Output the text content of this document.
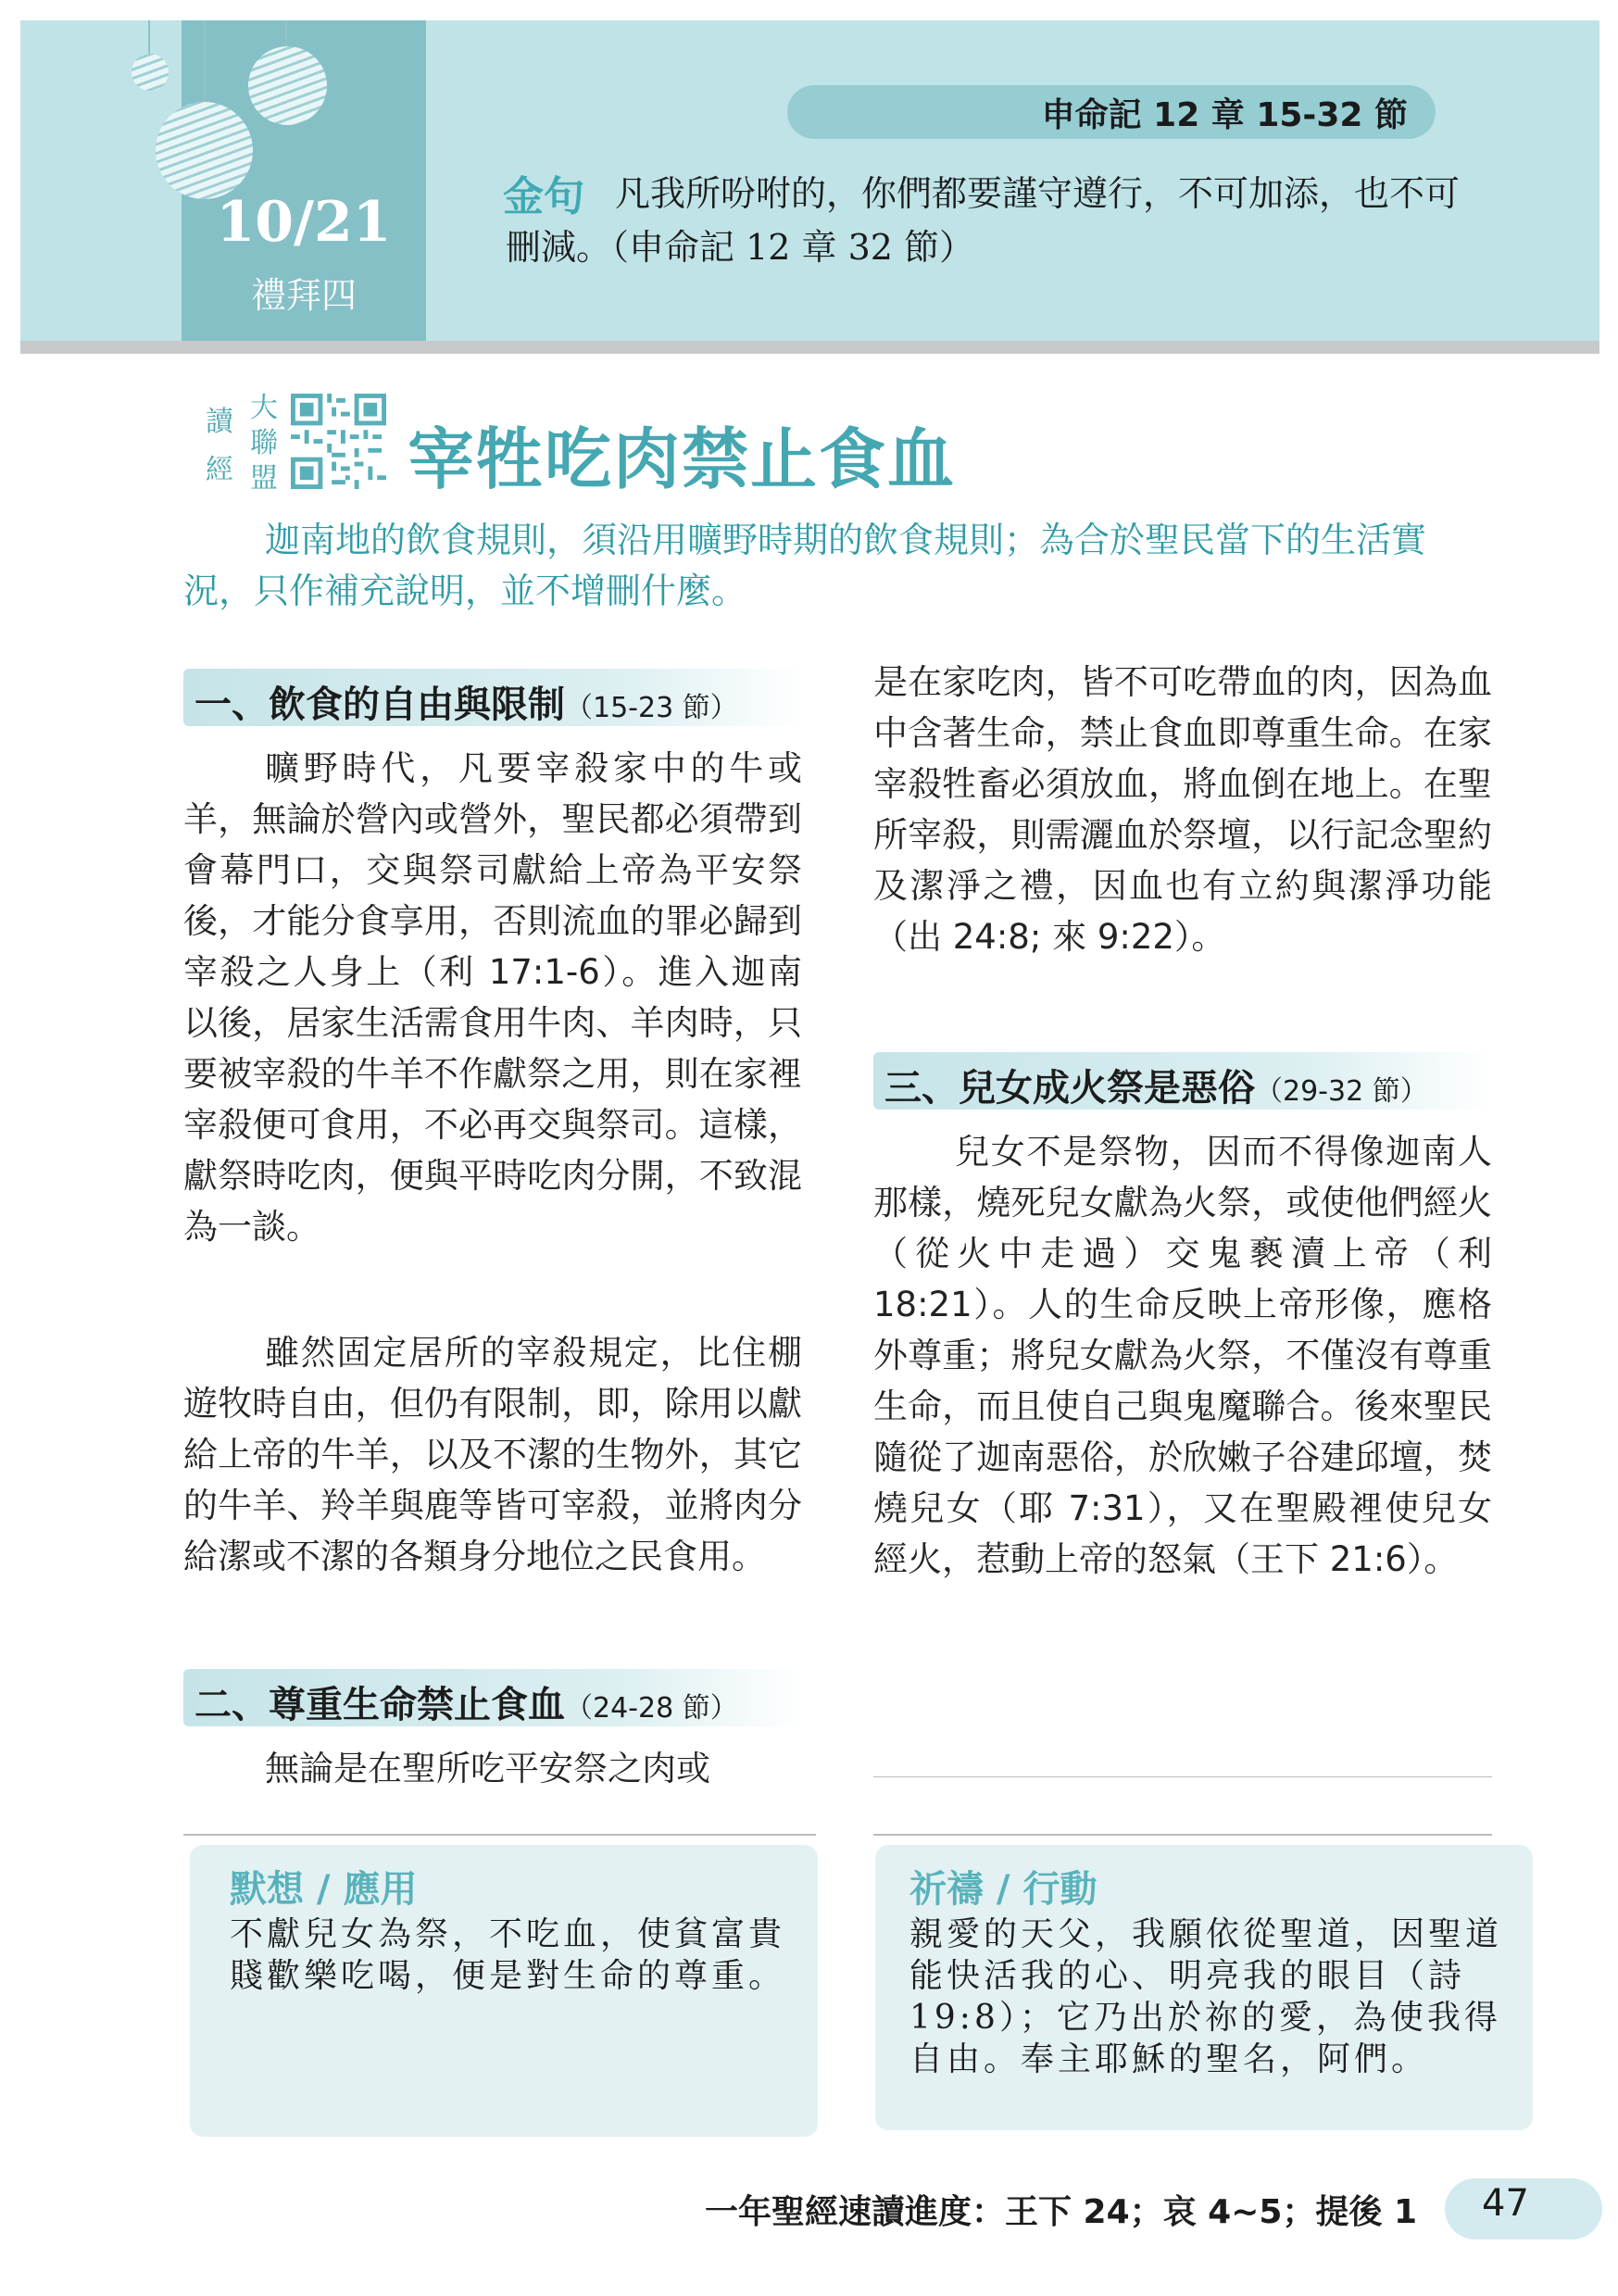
10/21
禮拜四
申命記 12 章 15-32 節
凡我所吩咐的，你們都要謹守遵行，不可加添，也不可刪減。（申命記 12 章 32 節）
金句
讀經
大聯盟 宰牲吃肉禁止食血
迦南地的飲食規則，須沿用曠野時期的飲食規則；為合於聖民當下的生活實況，只作補充說明，並不增刪什麼。
一、飲食的自由與限制（15-23 節）
曠野時代，凡要宰殺家中的牛或羊，無論於營內或營外，聖民都必須帶到會幕門口，交與祭司獻給上帝為平安祭後，才能分食享用，否則流血的罪必歸到宰殺之人身上（利 17:1-6）。進入迦南以後，居家生活需食用牛肉、羊肉時，只要被宰殺的牛羊不作獻祭之用，則在家裡宰殺便可食用，不必再交與祭司。這樣，獻祭時吃肉，便與平時吃肉分開，不致混為一談。
雖然固定居所的宰殺規定，比住棚遊牧時自由，但仍有限制，即，除用以獻給上帝的牛羊，以及不潔的生物外，其它的牛羊、羚羊與鹿等皆可宰殺，並將肉分給潔或不潔的各類身分地位之民食用。
二、尊重生命禁止食血（24-28 節）
無論是在聖所吃平安祭之肉或
是在家吃肉，皆不可吃帶血的肉，因為血中含著生命，禁止食血即尊重生命。在家宰殺牲畜必須放血，將血倒在地上。在聖所宰殺，則需灑血於祭壇，以行記念聖約及潔淨之禮，因血也有立約與潔淨功能（出 24:8; 來 9:22）。
三、兒女成火祭是惡俗（29-32 節）
兒女不是祭物，因而不得像迦南人那樣，燒死兒女獻為火祭，或使他們經火（從火中走過）交鬼褻瀆上帝（利 18:21）。人的生命反映上帝形像，應格外尊重；將兒女獻為火祭，不僅沒有尊重生命，而且使自己與鬼魔聯合。後來聖民隨從了迦南惡俗，於欣嫩子谷建邱壇，焚燒兒女（耶 7:31），又在聖殿裡使兒女經火，惹動上帝的怒氣（王下 21:6）。
默想 / 應用
不獻兒女為祭，不吃血，使貧富貴賤歡樂吃喝，便是對生命的尊重。
祈禱 / 行動
親愛的天父，我願依從聖道，因聖道能快活我的心、明亮我的眼目（詩 19:8）；它乃出於祢的愛，為使我得自由。奉主耶穌的聖名，阿們。
一年聖經速讀進度：王下 24；哀 4~5；提後 1 47
